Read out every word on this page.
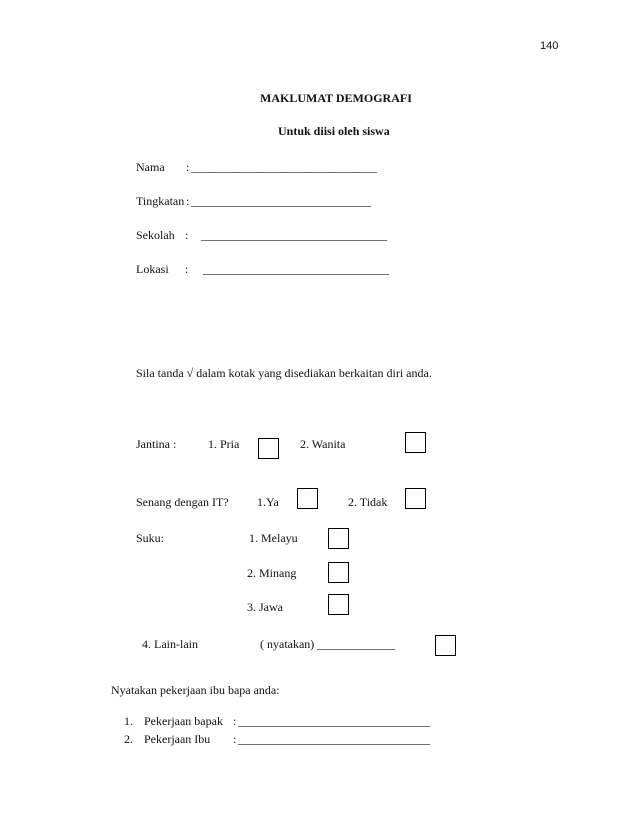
140
MAKLUMAT DEMOGRAFI
Untuk diisi oleh siswa
Nama : _______________________________
Tingkatan : ______________________________
Sekolah : _______________________________
Lokasi : _______________________________
Sila tanda √ dalam kotak yang disediakan berkaitan diri anda.
Jantina :	1. Pria	2. Wanita
Senang dengan IT? 1.Ya	2. Tidak
Suku:	1. Melayu
2. Minang
3. Jawa
4. Lain-lain	( nyatakan) _____________
Nyatakan pekerjaan ibu bapa anda:
1. Pekerjaan bapak : ________________________________
2. Pekerjaan Ibu : ________________________________
